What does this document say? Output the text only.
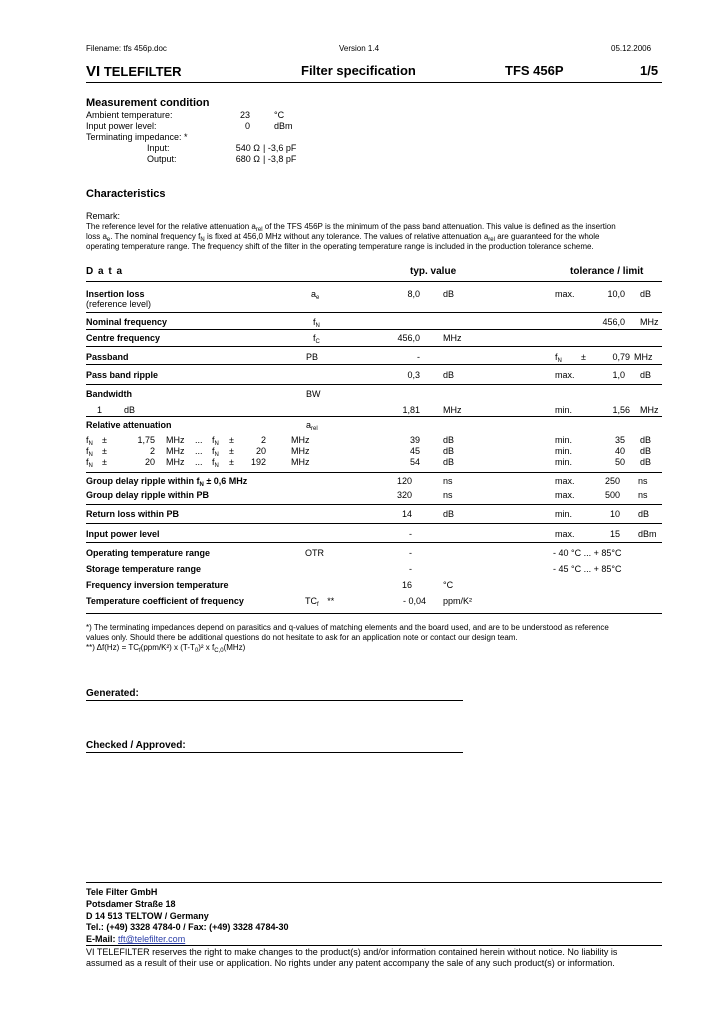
Filename: tfs 456p.doc	Version 1.4	05.12.2006
VI TELEFILTER	Filter specification	TFS 456P	1/5
Measurement condition
Ambient temperature:	23	°C
Input power level:	0	dBm
Terminating impedance: *
Input:	540 Ω | -3,6 pF
Output:	680 Ω | -3,8 pF
Characteristics
Remark:
The reference level for the relative attenuation $a_{rel}$ of the TFS 456P is the minimum of the pass band attenuation. This value is defined as the insertion
loss $a_e$. The nominal frequency $f_N$ is fixed at 456,0 MHz without any tolerance. The values of relative attenuation $a_{rel}$ are guaranteed for the whole
operating temperature range. The frequency shift of the filter in the operating temperature range is included in the production tolerance scheme.
D a t a	typ. value	tolerance / limit
Insertion loss
(reference level)
$a_e$	8,0	dB	max.	10,0 dB
Nominal frequency	$f_N$	456,0 MHz
Centre frequency	$f_C$	456,0	MHz
Passband	PB	-	$f_N$ ±	0,79 MHz
Pass band ripple	0,3	dB	max.	1,0 dB
Bandwidth	BW
1 dB	1,81	MHz	min.	1,56 MHz
Relative attenuation	$a_{rel}$
$f_N$ ±	1,75 MHz ... $f_N$ ±	2	MHz	39	dB	min.	35 dB
$f_N$ ±	2 MHz ... $f_N$ ±	20	MHz	45	dB	min.	40 dB
$f_N$ ±	20 MHz ... $f_N$ ±	192	MHz	54	dB	min.	50 dB
Group delay ripple within $f_N \pm 0,6$ MHz	120	ns	max.	250 ns
Group delay ripple within PB	320	ns	max.	500 ns
Return loss within PB	14	dB	min.	10 dB
Input power level	-	max.	15 dBm
Operating temperature range	OTR	-	- 40 °C ... + 85°C
Storage temperature range	-	- 45 °C ... + 85°C
Frequency inversion temperature	16	°C
Temperature coefficient of frequency	$TC_f$ **	- 0,04 ppm/K²
*) The terminating impedances depend on parasitics and q-values of matching elements and the board used, and are to be understood as reference
values only. Should there be additional questions do not hesitate to ask for an application note or contact our design team.
**) $\Delta f(Hz) = TC_f(ppm/K^2)$ x $(T-T_0)^2$ x $f_{C,0}(MHz)$
Generated:
Checked / Approved:
Tele Filter GmbH
Potsdamer Straße 18
D 14 513 TELTOW / Germany
Tel.: (+49) 3328 4784-0 / Fax: (+49) 3328 4784-30
E-Mail: tft@telefilter.com
VI TELEFILTER reserves the right to make changes to the product(s) and/or information contained herein without notice. No liability is
assumed as a result of their use or application. No rights under any patent accompany the sale of any such product(s) or information.
